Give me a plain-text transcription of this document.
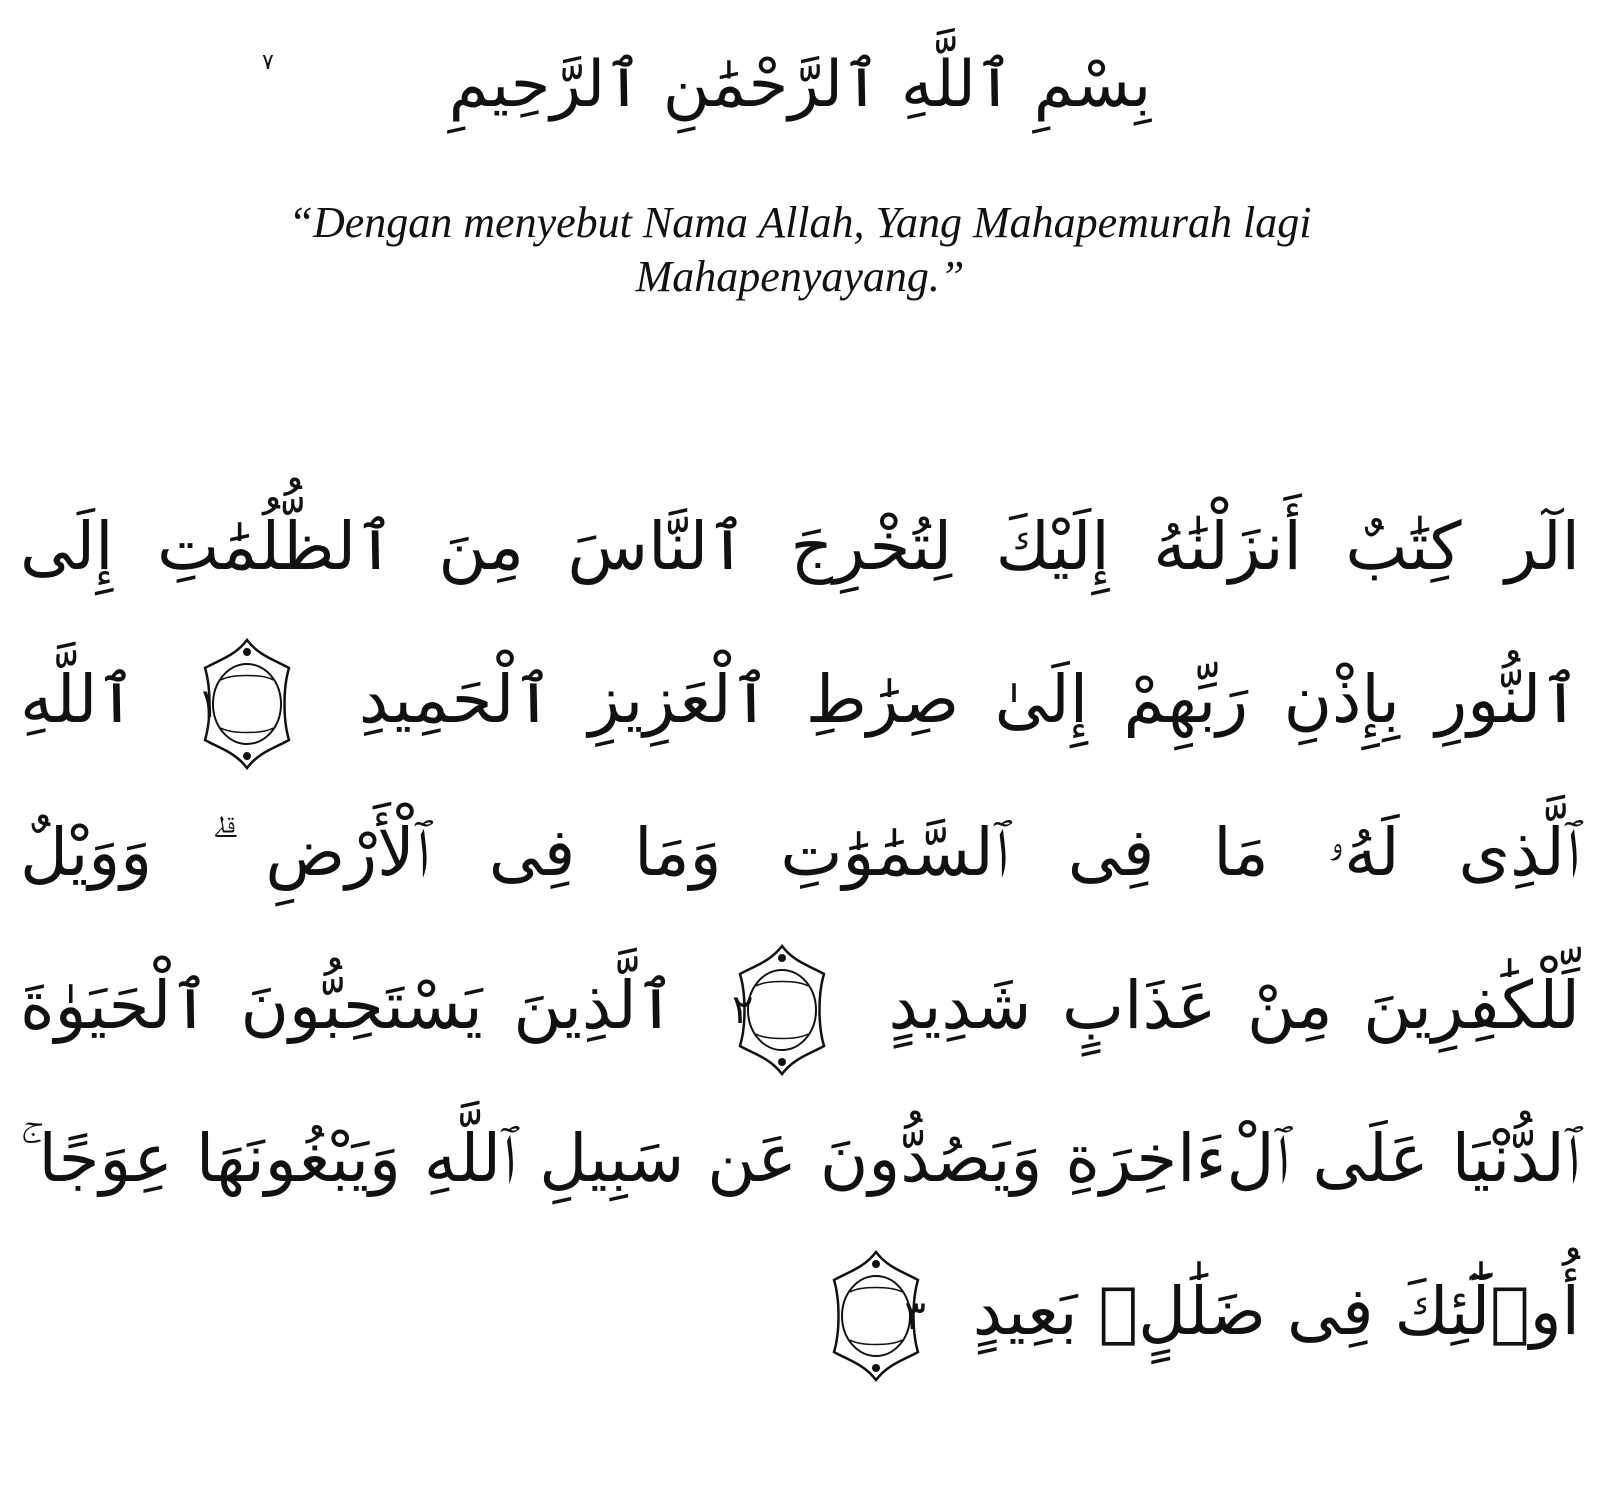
بِسْمِ ٱللَّهِ ٱلرَّحْمَٰنِ ٱلرَّحِيمِ
٧
“Dengan menyebut Nama Allah, Yang Mahapemurah lagi
Mahapenyayang.”
الٓر كِتَٰبٌ أَنزَلْنَٰهُ إِلَيْكَ لِتُخْرِجَ ٱلنَّاسَ مِنَ ٱلظُّلُمَٰتِ إِلَى
ٱلنُّورِ بِإِذْنِ رَبِّهِمْ إِلَىٰ صِرَٰطِ ٱلْعَزِيزِ ٱلْحَمِيدِ
١
ٱللَّهِ
ٱلَّذِى لَهُۥ مَا فِى ٱلسَّمَٰوَٰتِ وَمَا فِى ٱلْأَرْضِ ۗ وَوَيْلٌ
لِّلْكَٰفِرِينَ مِنْ عَذَابٍ شَدِيدٍ
٢
ٱلَّذِينَ يَسْتَحِبُّونَ ٱلْحَيَوٰةَ
ٱلدُّنْيَا عَلَى ٱلْءَاخِرَةِ وَيَصُدُّونَ عَن سَبِيلِ ٱللَّهِ وَيَبْغُونَهَا عِوَجًا ۚ
أُو۟لَٰٓئِكَ فِى ضَلَٰلٍۭ بَعِيدٍ
٣
